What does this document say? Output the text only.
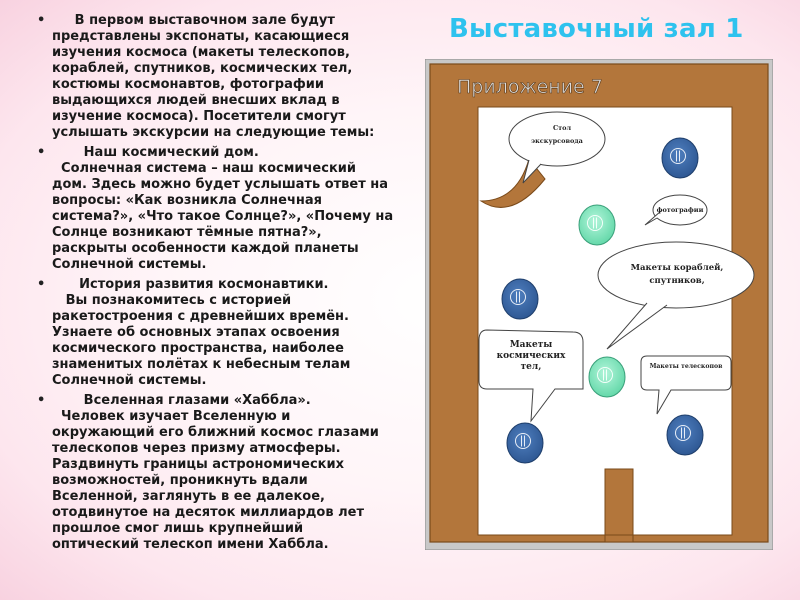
Выставочный зал 1

•      В первом выставочном зале будут представлены экспонаты, касающиеся изучения космоса (макеты телескопов, кораблей, спутников, космических тел, костюмы космонавтов, фотографии выдающихся людей внесших вклад в изучение космоса). Посетители смогут услышать экскурсии на следующие темы:

•        Наш космический дом.

Солнечная система – наш космический дом. Здесь можно будет услышать ответ на вопросы: «Как возникла Солнечная система?», «Что такое Солнце?», «Почему на Солнце возникают тёмные пятна?», раскрыты особенности каждой планеты Солнечной системы.

•       История развития космонавтики.

Вы познакомитесь с историей ракетостроения с древнейших времён. Узнаете об основных этапах освоения космического пространства, наиболее знаменитых полётах к небесным телам Солнечной системы.

•        Вселенная глазами «Хаббла».

Человек изучает Вселенную и окружающий его ближний космос глазами телескопов через призму атмосферы. Раздвинуть границы астрономических возможностей, проникнуть вдали Вселенной, заглянуть в ее далекое, отодвинутое на десяток миллиардов лет прошлое смог лишь крупнейший оптический телескоп имени Хаббла.

Приложение 7
Стол
экскурсовода
фотографии
Макеты кораблей,
спутников,
Макеты
космических
тел,	Макеты телескопов
